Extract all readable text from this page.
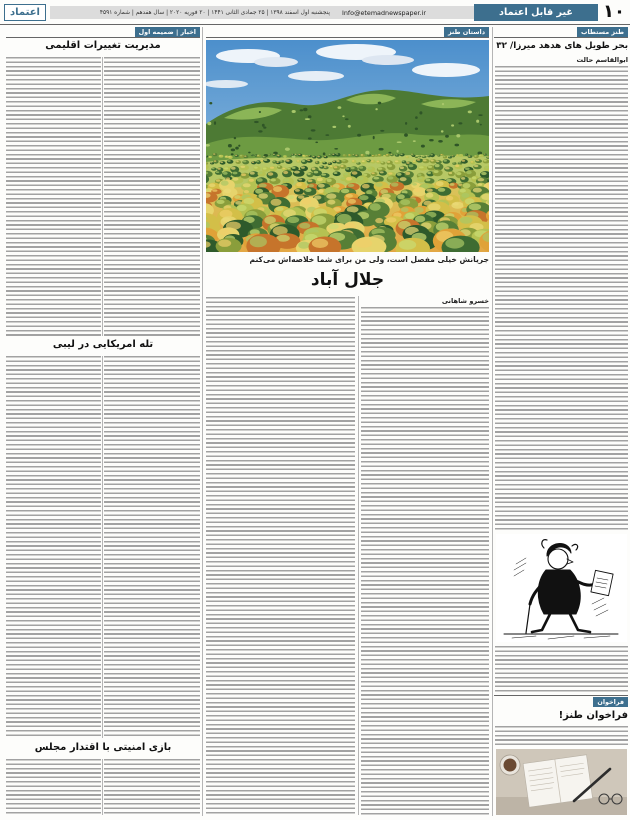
اعتماد	Info@etemadnewspaper.ir
پنجشنبه اول اسفند ۱۳۹۸ | ۲۵ جمادی الثانی ۱۴۴۱ | ۲۰ فوریه ۲۰۲۰ | سال هفدهم | شماره ۴۵۹۱	غیر قابل اعتماد	۱۰
طنز مستطاب
بحر طویل های هدهد میرزا/ ۳۲
ابوالقاسم حالت
فراخوان
فراخوان طنز!
داستان طنز
جریانش خیلی مفصل است، ولی من برای شما خلاصه‌اش می‌کنم
جلال آباد
خسرو شاهانی
اخبار | ضمیمه اول
مدیریت تغییرات اقلیمی
تله امریکایی در لیبی
بازی امنیتی با اقتدار مجلس
